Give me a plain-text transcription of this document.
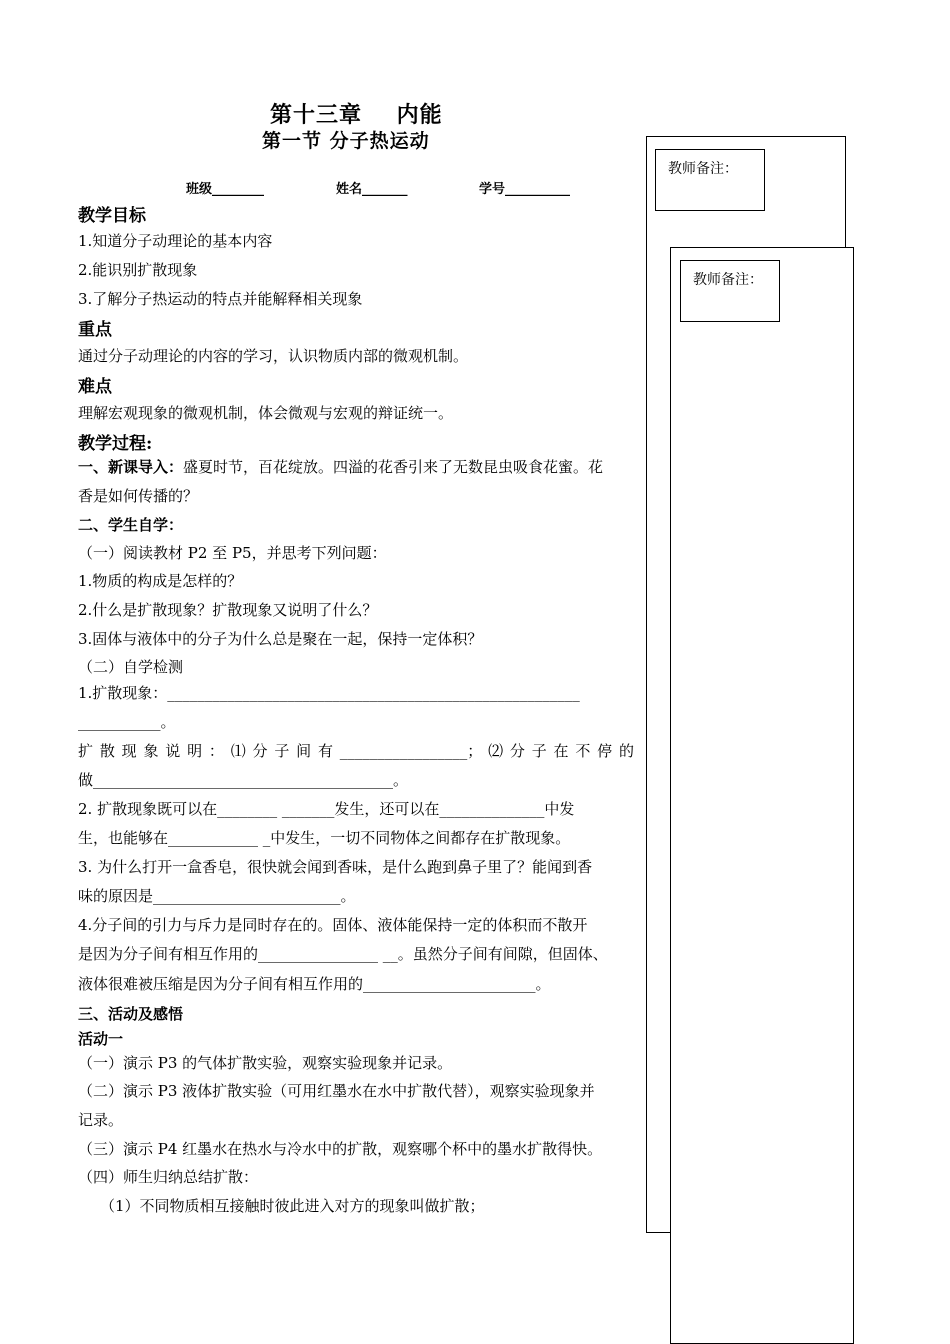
教师备注：
教师备注：
第十三章    内能
第一节 分子热运动
班级________	姓名_______	学号__________
教学目标
1.知道分子动理论的基本内容
2.能识别扩散现象
3.了解分子热运动的特点并能解释相关现象
重点
通过分子动理论的内容的学习，认识物质内部的微观机制。
难点
理解宏观现象的微观机制，体会微观与宏观的辩证统一。
教学过程:
一、新课导入：盛夏时节，百花绽放。四溢的花香引来了无数昆虫吸食花蜜。花
香是如何传播的？
二、学生自学：
（一）阅读教材 P2 至 P5，并思考下列问题：
1.物质的构成是怎样的？
2.什么是扩散现象？扩散现象又说明了什么？
3.固体与液体中的分子为什么总是聚在一起，保持一定体积？
（二）自学检测
1.扩散现象：_______________________________________________________
___________。
扩 散 现 象 说 明 ： ⑴ 分 子 间 有 _________________； ⑵ 分 子 在 不 停 的
做________________________________________。
2. 扩散现象既可以在________ _______发生，还可以在______________中发
生，也能够在____________ _中发生，一切不同物体之间都存在扩散现象。
3. 为什么打开一盒香皂，很快就会闻到香味，是什么跑到鼻子里了？能闻到香
味的原因是_________________________。
4.分子间的引力与斥力是同时存在的。固体、液体能保持一定的体积而不散开
是因为分子间有相互作用的________________ __。虽然分子间有间隙，但固体、
液体很难被压缩是因为分子间有相互作用的_______________________。
三、活动及感悟
活动一
（一）演示 P3 的气体扩散实验，观察实验现象并记录。
（二）演示 P3 液体扩散实验（可用红墨水在水中扩散代替），观察实验现象并
记录。
（三）演示 P4 红墨水在热水与冷水中的扩散，观察哪个杯中的墨水扩散得快。
（四）师生归纳总结扩散：
（1）不同物质相互接触时彼此进入对方的现象叫做扩散；
